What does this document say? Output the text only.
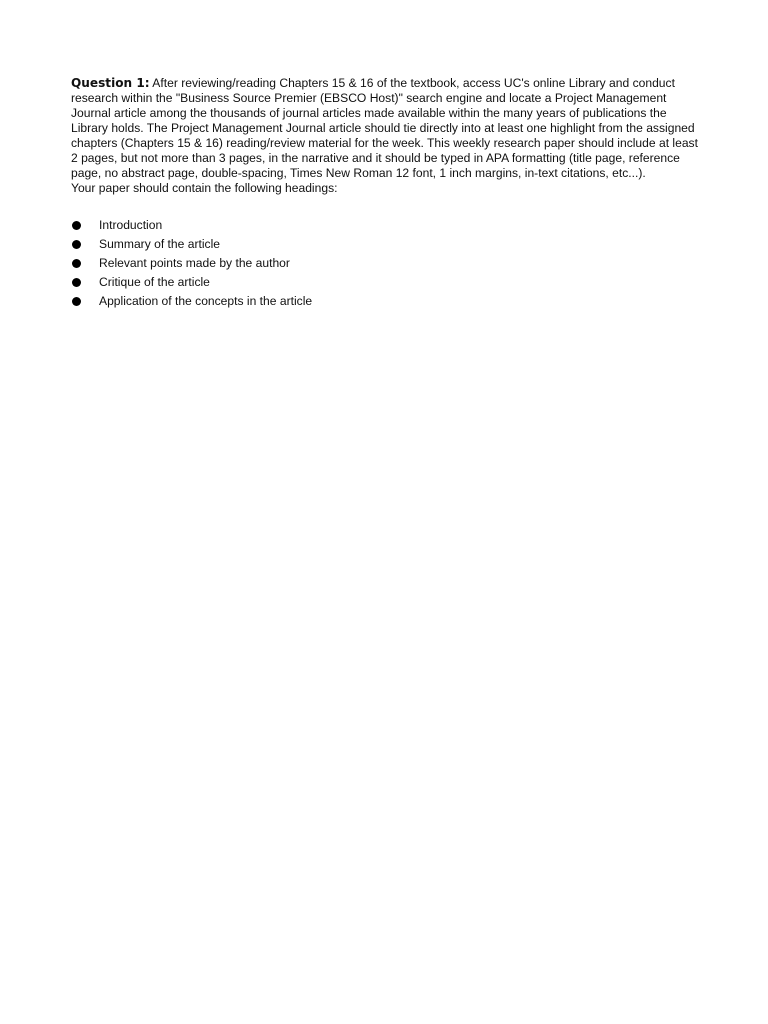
Question 1: After reviewing/reading Chapters 15 & 16 of the textbook, access UC's online Library and conduct research within the "Business Source Premier (EBSCO Host)" search engine and locate a Project Management Journal article among the thousands of journal articles made available within the many years of publications the Library holds. The Project Management Journal article should tie directly into at least one highlight from the assigned chapters (Chapters 15 & 16) reading/review material for the week. This weekly research paper should include at least 2 pages, but not more than 3 pages, in the narrative and it should be typed in APA formatting (title page, reference page, no abstract page, double-spacing, Times New Roman 12 font, 1 inch margins, in-text citations, etc...).

Your paper should contain the following headings:

Introduction
Summary of the article
Relevant points made by the author
Critique of the article
Application of the concepts in the article
